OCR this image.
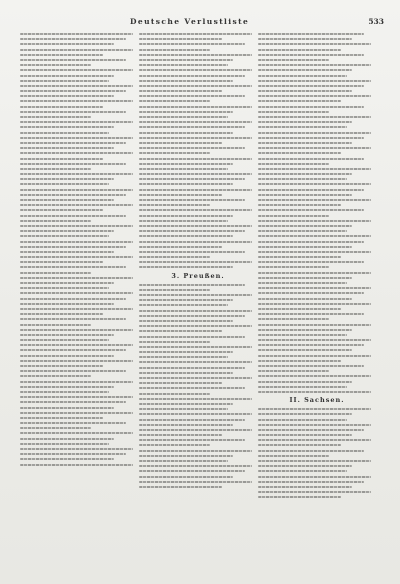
Deutsche Verlustliste	533
3. Preußen.
II. Sachsen.
